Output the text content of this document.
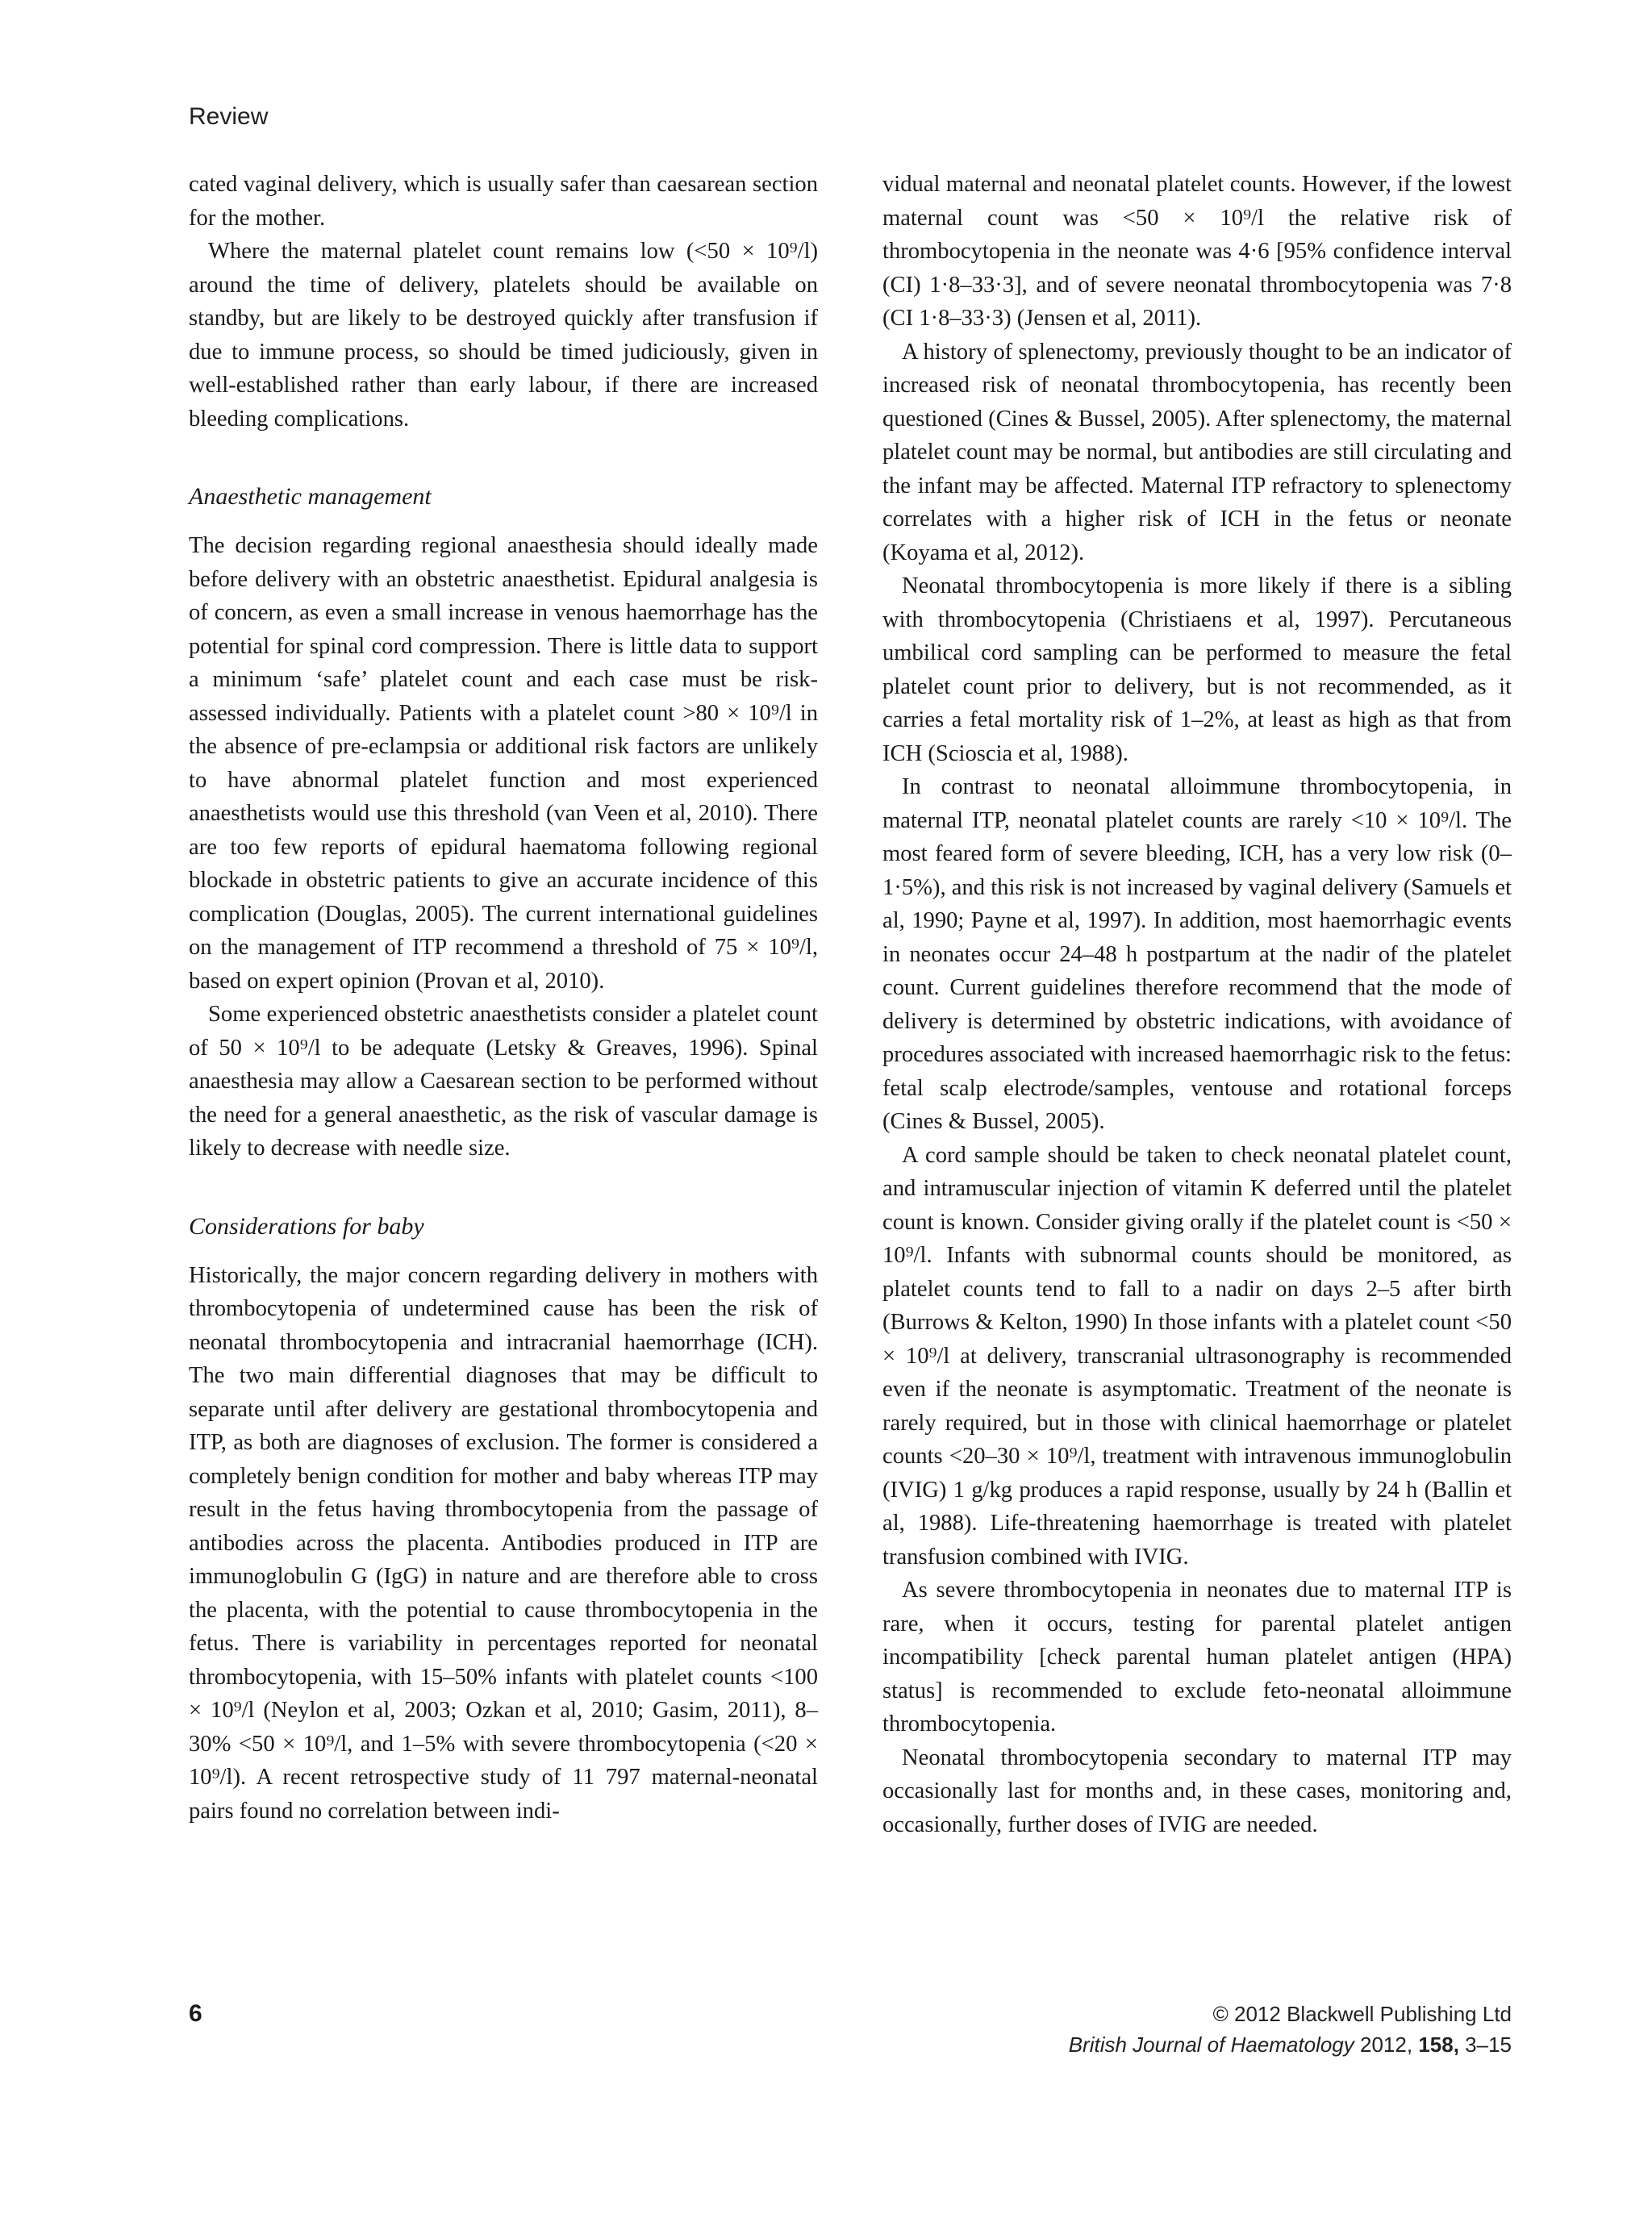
Review

cated vaginal delivery, which is usually safer than caesarean section for the mother.

Where the maternal platelet count remains low (<50 × 10⁹/l) around the time of delivery, platelets should be available on standby, but are likely to be destroyed quickly after transfusion if due to immune process, so should be timed judiciously, given in well-established rather than early labour, if there are increased bleeding complications.

Anaesthetic management

The decision regarding regional anaesthesia should ideally made before delivery with an obstetric anaesthetist. Epidural analgesia is of concern, as even a small increase in venous haemorrhage has the potential for spinal cord compression. There is little data to support a minimum ‘safe’ platelet count and each case must be risk-assessed individually. Patients with a platelet count >80 × 10⁹/l in the absence of pre-eclampsia or additional risk factors are unlikely to have abnormal platelet function and most experienced anaesthetists would use this threshold (van Veen et al, 2010). There are too few reports of epidural haematoma following regional blockade in obstetric patients to give an accurate incidence of this complication (Douglas, 2005). The current international guidelines on the management of ITP recommend a threshold of 75 × 10⁹/l, based on expert opinion (Provan et al, 2010).

Some experienced obstetric anaesthetists consider a platelet count of 50 × 10⁹/l to be adequate (Letsky & Greaves, 1996). Spinal anaesthesia may allow a Caesarean section to be performed without the need for a general anaesthetic, as the risk of vascular damage is likely to decrease with needle size.

Considerations for baby

Historically, the major concern regarding delivery in mothers with thrombocytopenia of undetermined cause has been the risk of neonatal thrombocytopenia and intracranial haemorrhage (ICH). The two main differential diagnoses that may be difficult to separate until after delivery are gestational thrombocytopenia and ITP, as both are diagnoses of exclusion. The former is considered a completely benign condition for mother and baby whereas ITP may result in the fetus having thrombocytopenia from the passage of antibodies across the placenta. Antibodies produced in ITP are immunoglobulin G (IgG) in nature and are therefore able to cross the placenta, with the potential to cause thrombocytopenia in the fetus. There is variability in percentages reported for neonatal thrombocytopenia, with 15–50% infants with platelet counts <100 × 10⁹/l (Neylon et al, 2003; Ozkan et al, 2010; Gasim, 2011), 8–30% <50 × 10⁹/l, and 1–5% with severe thrombocytopenia (<20 × 10⁹/l). A recent retrospective study of 11 797 maternal-neonatal pairs found no correlation between indi-

vidual maternal and neonatal platelet counts. However, if the lowest maternal count was <50 × 10⁹/l the relative risk of thrombocytopenia in the neonate was 4·6 [95% confidence interval (CI) 1·8–33·3], and of severe neonatal thrombocytopenia was 7·8 (CI 1·8–33·3) (Jensen et al, 2011).

A history of splenectomy, previously thought to be an indicator of increased risk of neonatal thrombocytopenia, has recently been questioned (Cines & Bussel, 2005). After splenectomy, the maternal platelet count may be normal, but antibodies are still circulating and the infant may be affected. Maternal ITP refractory to splenectomy correlates with a higher risk of ICH in the fetus or neonate (Koyama et al, 2012).

Neonatal thrombocytopenia is more likely if there is a sibling with thrombocytopenia (Christiaens et al, 1997). Percutaneous umbilical cord sampling can be performed to measure the fetal platelet count prior to delivery, but is not recommended, as it carries a fetal mortality risk of 1–2%, at least as high as that from ICH (Scioscia et al, 1988).

In contrast to neonatal alloimmune thrombocytopenia, in maternal ITP, neonatal platelet counts are rarely <10 × 10⁹/l. The most feared form of severe bleeding, ICH, has a very low risk (0–1·5%), and this risk is not increased by vaginal delivery (Samuels et al, 1990; Payne et al, 1997). In addition, most haemorrhagic events in neonates occur 24–48 h postpartum at the nadir of the platelet count. Current guidelines therefore recommend that the mode of delivery is determined by obstetric indications, with avoidance of procedures associated with increased haemorrhagic risk to the fetus: fetal scalp electrode/samples, ventouse and rotational forceps (Cines & Bussel, 2005).

A cord sample should be taken to check neonatal platelet count, and intramuscular injection of vitamin K deferred until the platelet count is known. Consider giving orally if the platelet count is <50 × 10⁹/l. Infants with subnormal counts should be monitored, as platelet counts tend to fall to a nadir on days 2–5 after birth (Burrows & Kelton, 1990) In those infants with a platelet count <50 × 10⁹/l at delivery, transcranial ultrasonography is recommended even if the neonate is asymptomatic. Treatment of the neonate is rarely required, but in those with clinical haemorrhage or platelet counts <20–30 × 10⁹/l, treatment with intravenous immunoglobulin (IVIG) 1 g/kg produces a rapid response, usually by 24 h (Ballin et al, 1988). Life-threatening haemorrhage is treated with platelet transfusion combined with IVIG.

As severe thrombocytopenia in neonates due to maternal ITP is rare, when it occurs, testing for parental platelet antigen incompatibility [check parental human platelet antigen (HPA) status] is recommended to exclude feto-neonatal alloimmune thrombocytopenia.

Neonatal thrombocytopenia secondary to maternal ITP may occasionally last for months and, in these cases, monitoring and, occasionally, further doses of IVIG are needed.

6	© 2012 Blackwell Publishing Ltd
British Journal of Haematology 2012, 158, 3–15
